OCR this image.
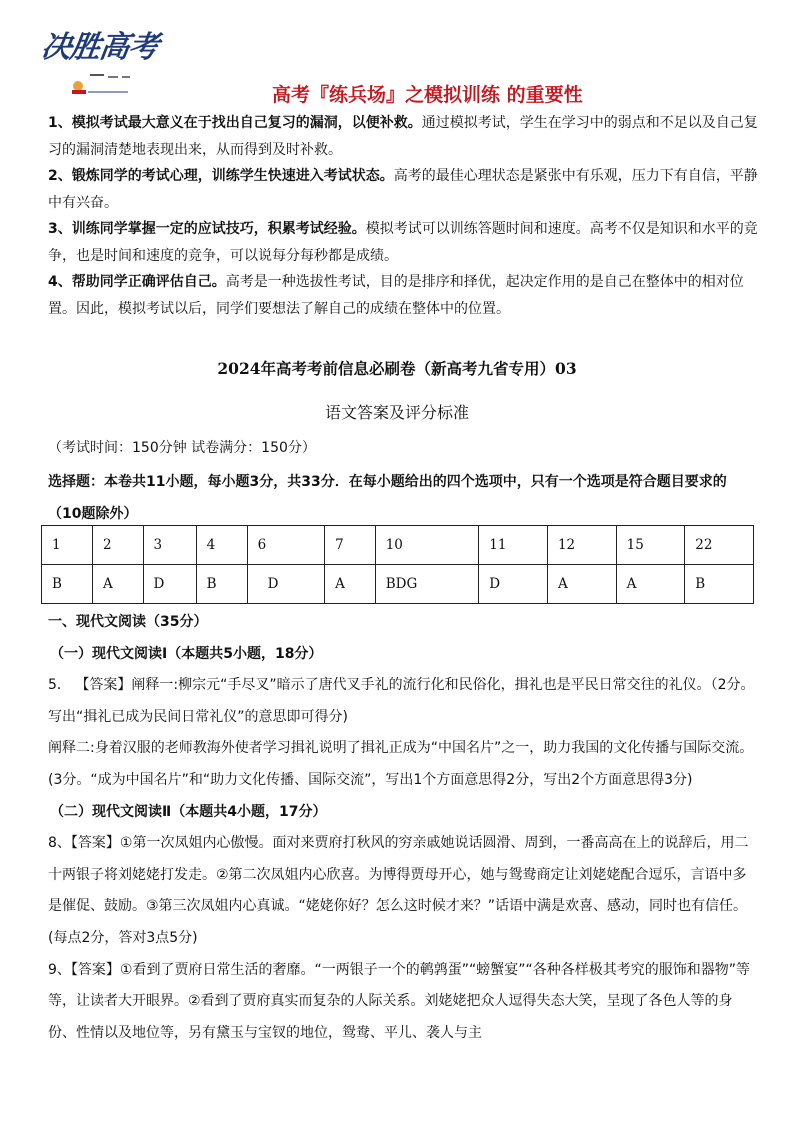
决胜高考
高考『练兵场』之模拟训练 的重要性

1、模拟考试最大意义在于找出自己复习的漏洞，以便补救。通过模拟考试，学生在学习中的弱点和不足以及自己复习的漏洞清楚地表现出来，从而得到及时补救。

2、锻炼同学的考试心理，训练学生快速进入考试状态。高考的最佳心理状态是紧张中有乐观，压力下有自信，平静中有兴奋。

3、训练同学掌握一定的应试技巧，积累考试经验。模拟考试可以训练答题时间和速度。高考不仅是知识和水平的竞争，也是时间和速度的竞争，可以说每分每秒都是成绩。

4、帮助同学正确评估自己。高考是一种选拔性考试，目的是排序和择优，起决定作用的是自己在整体中的相对位置。因此，模拟考试以后，同学们要想法了解自己的成绩在整体中的位置。

2024年高考考前信息必刷卷（新高考九省专用）03
语文答案及评分标准
（考试时间：150分钟 试卷满分：150分）
选择题：本卷共11小题，每小题3分，共33分．在每小题给出的四个选项中，只有一个选项是符合题目要求的（10题除外）
1	2	3	4	6	7	10	11	12	15	22
B	A	D	B	D	A	BDG	D	A	A	B

一、现代文阅读（35分）

（一）现代文阅读Ⅰ（本题共5小题，18分）

5． 【答案】阐释一:柳宗元“手尽叉”暗示了唐代叉手礼的流行化和民俗化，揖礼也是平民日常交往的礼仪。（2分。写出“揖礼已成为民间日常礼仪”的意思即可得分)

阐释二:身着汉服的老师教海外使者学习揖礼说明了揖礼正成为“中国名片”之一，助力我国的文化传播与国际交流。(3分。“成为中国名片”和“助力文化传播、国际交流”，写出1个方面意思得2分，写出2个方面意思得3分)

（二）现代文阅读Ⅱ（本题共4小题，17分）

8、【答案】①第一次凤姐内心傲慢。面对来贾府打秋风的穷亲戚她说话圆滑、周到，一番高高在上的说辞后，用二十两银子将刘姥姥打发走。②第二次凤姐内心欣喜。为博得贾母开心，她与鸳鸯商定让刘姥姥配合逗乐，言语中多是催促、鼓励。③第三次凤姐内心真诚。“姥姥你好？怎么这时候才来？”话语中满是欢喜、感动，同时也有信任。(每点2分，答对3点5分)

9、【答案】①看到了贾府日常生活的奢靡。“一两银子一个的鹌鹑蛋”“螃蟹宴”“各种各样极其考究的服饰和器物”等等，让读者大开眼界。②看到了贾府真实而复杂的人际关系。刘姥姥把众人逗得失态大笑，呈现了各色人等的身份、性情以及地位等，另有黛玉与宝钗的地位，鸳鸯、平儿、袭人与主
